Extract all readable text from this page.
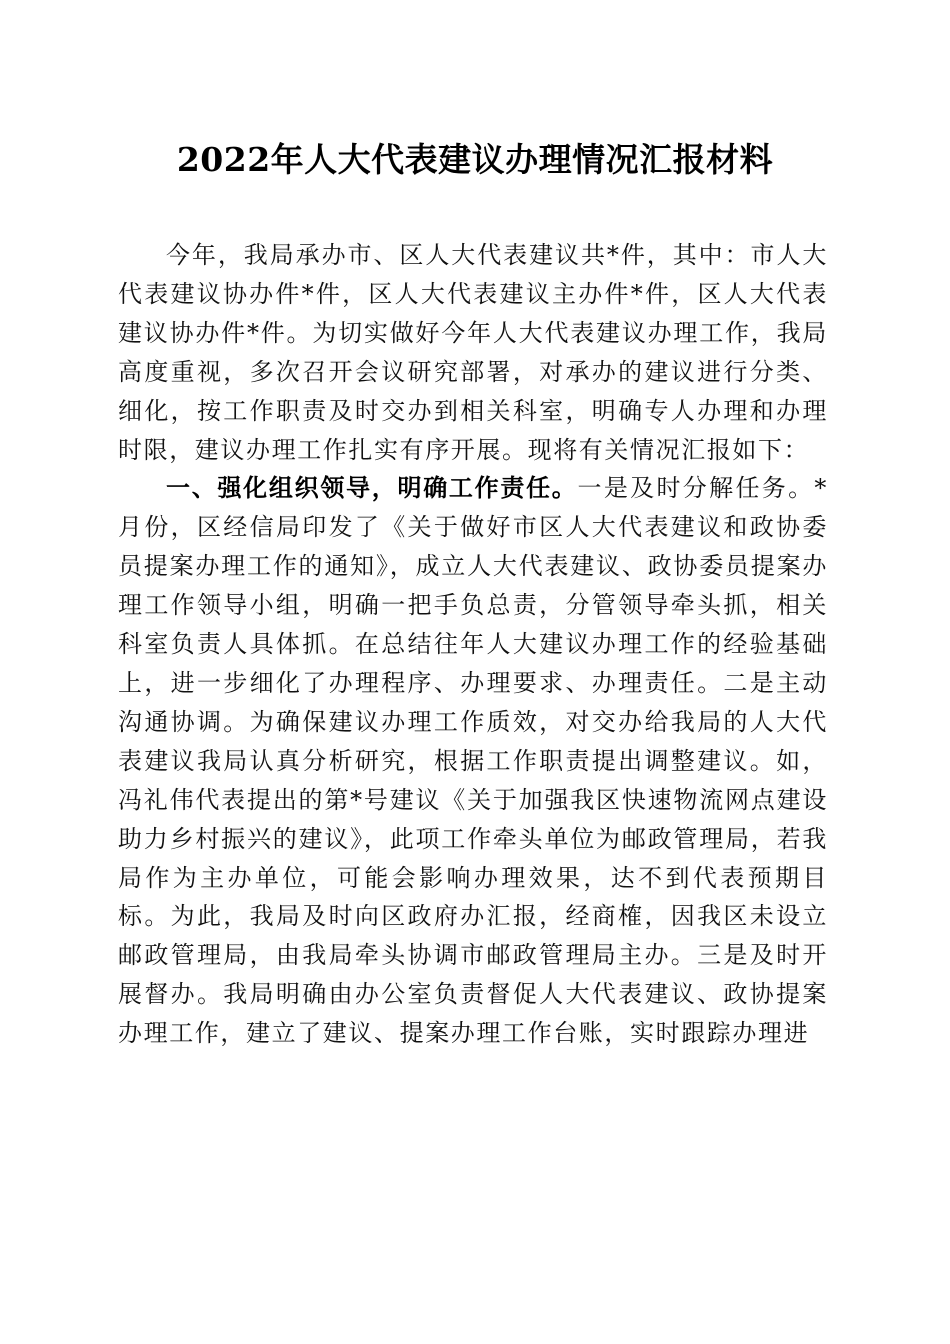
2022年人大代表建议办理情况汇报材料

今年，我局承办市、区人大代表建议共*件，其中：市人大代表建议协办件*件，区人大代表建议主办件*件，区人大代表建议协办件*件。为切实做好今年人大代表建议办理工作，我局高度重视，多次召开会议研究部署，对承办的建议进行分类、细化，按工作职责及时交办到相关科室，明确专人办理和办理时限，建议办理工作扎实有序开展。现将有关情况汇报如下：

一、强化组织领导，明确工作责任。一是及时分解任务。*月份，区经信局印发了《关于做好市区人大代表建议和政协委员提案办理工作的通知》，成立人大代表建议、政协委员提案办理工作领导小组，明确一把手负总责，分管领导牵头抓，相关科室负责人具体抓。在总结往年人大建议办理工作的经验基础上，进一步细化了办理程序、办理要求、办理责任。二是主动沟通协调。为确保建议办理工作质效，对交办给我局的人大代表建议我局认真分析研究，根据工作职责提出调整建议。如，冯礼伟代表提出的第*号建议《关于加强我区快速物流网点建设助力乡村振兴的建议》，此项工作牵头单位为邮政管理局，若我局作为主办单位，可能会影响办理效果，达不到代表预期目标。为此，我局及时向区政府办汇报，经商榷，因我区未设立邮政管理局，由我局牵头协调市邮政管理局主办。三是及时开展督办。我局明确由办公室负责督促人大代表建议、政协提案办理工作，建立了建议、提案办理工作台账，实时跟踪办理进
